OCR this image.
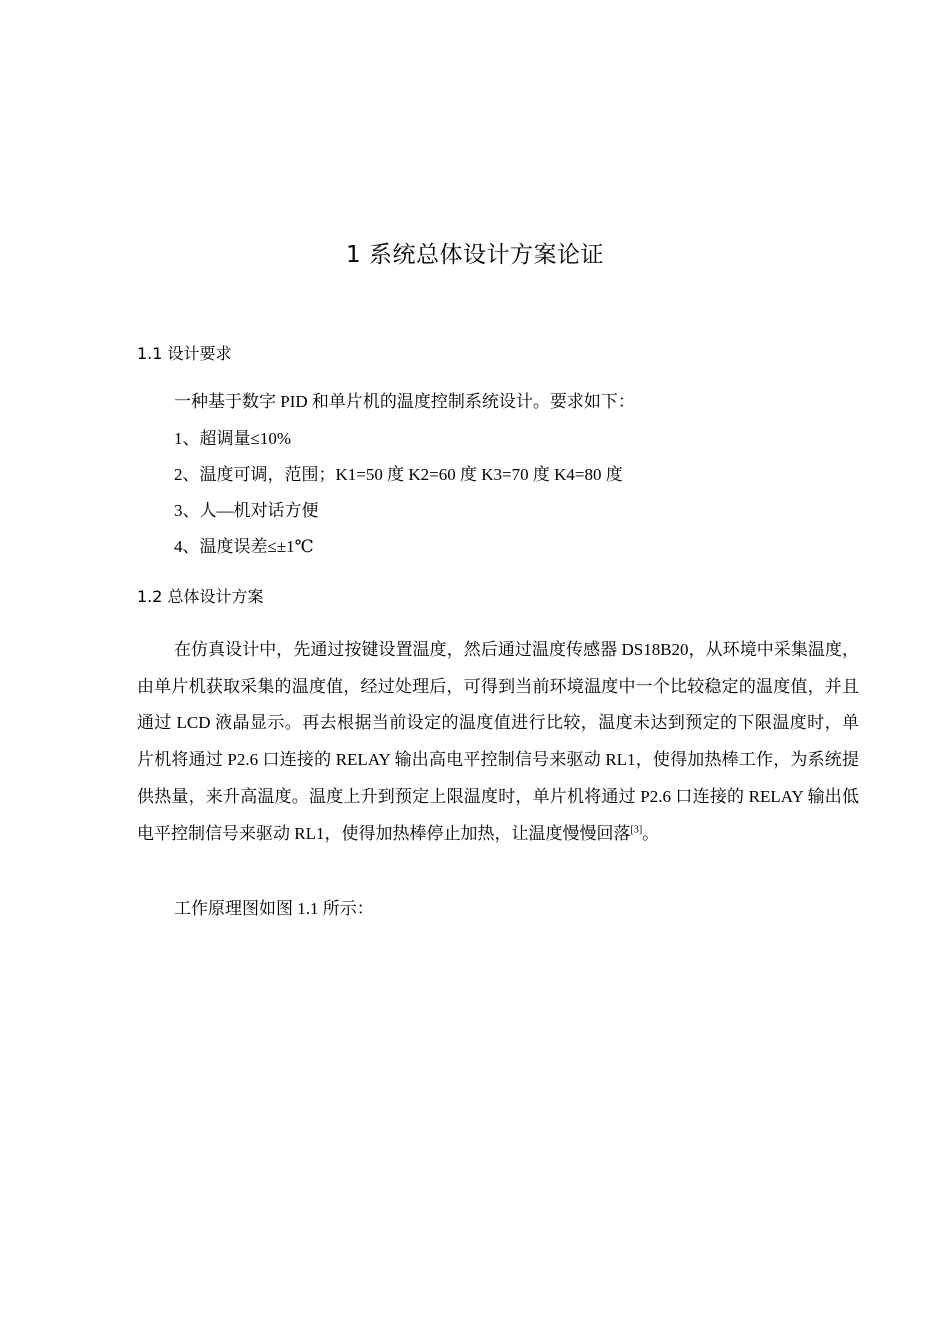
1 系统总体设计方案论证
1.1 设计要求
一种基于数字 PID 和单片机的温度控制系统设计。要求如下：
1、超调量≤10%
2、温度可调，范围；K1=50 度 K2=60 度 K3=70 度 K4=80 度
3、人—机对话方便
4、温度误差≤±1℃
1.2 总体设计方案
在仿真设计中，先通过按键设置温度，然后通过温度传感器 DS18B20，从环境中采集温度，由单片机获取采集的温度值，经过处理后，可得到当前环境温度中一个比较稳定的温度值，并且通过 LCD 液晶显示。再去根据当前设定的温度值进行比较，温度未达到预定的下限温度时，单片机将通过 P2.6 口连接的 RELAY 输出高电平控制信号来驱动 RL1，使得加热棒工作，为系统提供热量，来升高温度。温度上升到预定上限温度时，单片机将通过 P2.6 口连接的 RELAY 输出低电平控制信号来驱动 RL1，使得加热棒停止加热，让温度慢慢回落[3]。
工作原理图如图 1.1 所示：
